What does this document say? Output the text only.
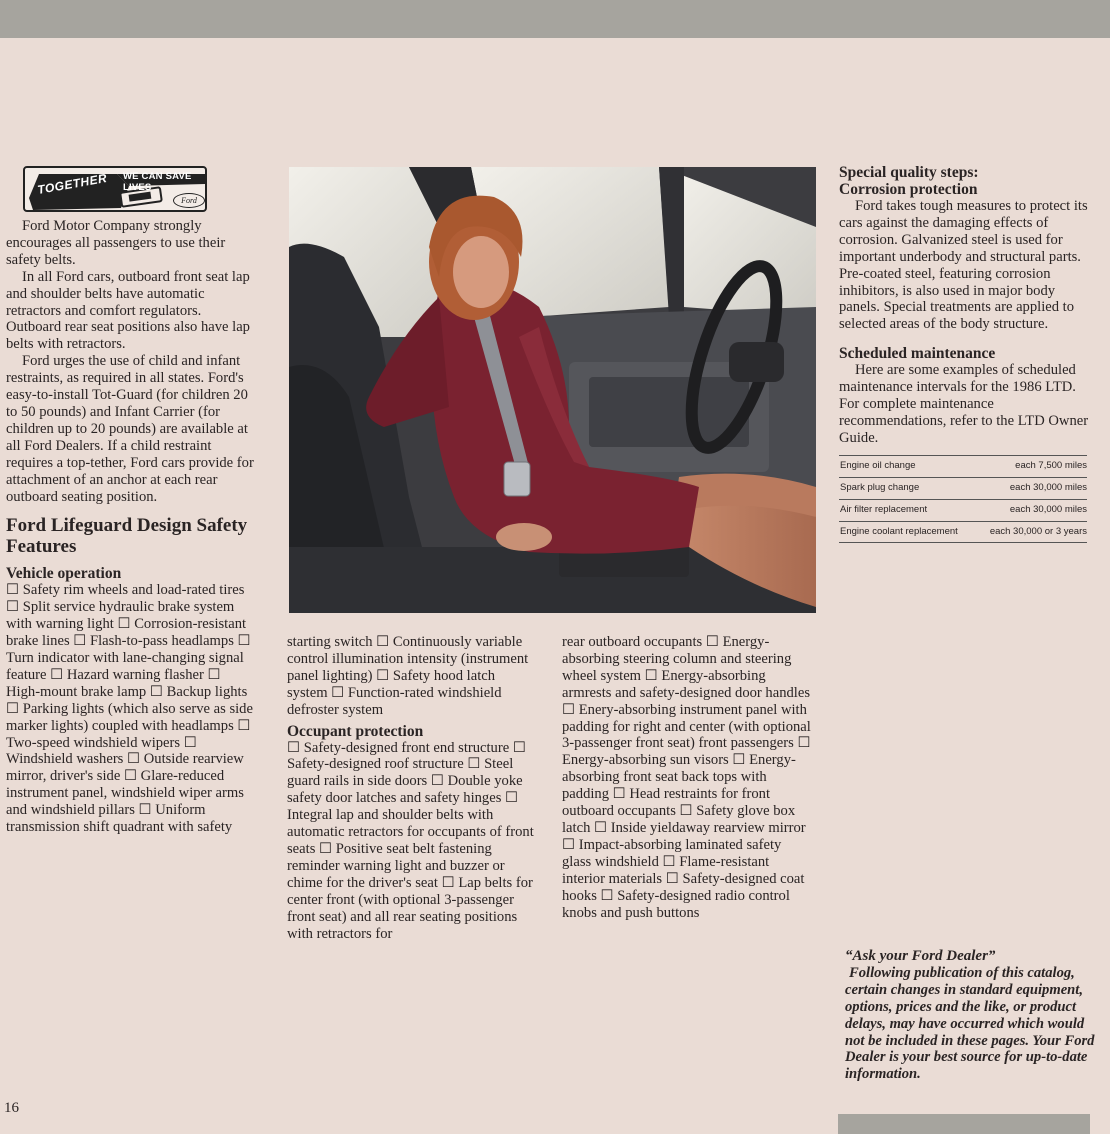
TOGETHER WE CAN SAVE LIVES
Ford

Ford Motor Company strongly encourages all passengers to use their safety belts.

In all Ford cars, outboard front seat lap and shoulder belts have automatic retractors and comfort regulators. Outboard rear seat positions also have lap belts with retractors.

Ford urges the use of child and infant restraints, as required in all states. Ford's easy-to-install Tot-Guard (for children 20 to 50 pounds) and Infant Carrier (for children up to 20 pounds) are available at all Ford Dealers. If a child restraint requires a top-tether, Ford cars provide for attachment of an anchor at each rear outboard seating position.

Ford Lifeguard Design Safety Features
Vehicle operation
☐ Safety rim wheels and load-rated tires ☐ Split service hydraulic brake system with warning light ☐ Corrosion-resistant brake lines ☐ Flash-to-pass headlamps ☐ Turn indicator with lane-changing signal feature ☐ Hazard warning flasher ☐ High-mount brake lamp ☐ Backup lights ☐ Parking lights (which also serve as side marker lights) coupled with headlamps ☐ Two-speed windshield wipers ☐ Windshield washers ☐ Outside rearview mirror, driver's side ☐ Glare-reduced instrument panel, windshield wiper arms and windshield pillars ☐ Uniform transmission shift quadrant with safety
starting switch ☐ Continuously variable control illumination intensity (instrument panel lighting) ☐ Safety hood latch system ☐ Function-rated windshield defroster system
Occupant protection
☐ Safety-designed front end structure ☐ Safety-designed roof structure ☐ Steel guard rails in side doors ☐ Double yoke safety door latches and safety hinges ☐ Integral lap and shoulder belts with automatic retractors for occupants of front seats ☐ Positive seat belt fastening reminder warning light and buzzer or chime for the driver's seat ☐ Lap belts for center front (with optional 3-passenger front seat) and all rear seating positions with retractors for
rear outboard occupants ☐ Energy-absorbing steering column and steering wheel system ☐ Energy-absorbing armrests and safety-designed door handles ☐ Enery-absorbing instrument panel with padding for right and center (with optional 3-passenger front seat) front passengers ☐ Energy-absorbing sun visors ☐ Energy-absorbing front seat back tops with padding ☐ Head restraints for front outboard occupants ☐ Safety glove box latch ☐ Inside yieldaway rearview mirror ☐ Impact-absorbing laminated safety glass windshield ☐ Flame-resistant interior materials ☐ Safety-designed coat hooks ☐ Safety-designed radio control knobs and push buttons
Special quality steps:
Corrosion protection

Ford takes tough measures to protect its cars against the damaging effects of corrosion. Galvanized steel is used for important underbody and structural parts. Pre-coated steel, featuring corrosion inhibitors, is also used in major body panels. Special treatments are applied to selected areas of the body structure.

Scheduled maintenance

Here are some examples of scheduled maintenance intervals for the 1986 LTD. For complete maintenance recommendations, refer to the LTD Owner Guide.

Engine oil change	each 7,500 miles
Spark plug change	each 30,000 miles
Air filter replacement	each 30,000 miles
Engine coolant replacement	each 30,000 or 3 years
“Ask your Ford Dealer”

Following publication of this catalog, certain changes in standard equipment, options, prices and the like, or product delays, may have occurred which would not be included in these pages. Your Ford Dealer is your best source for up-to-date information.

16
